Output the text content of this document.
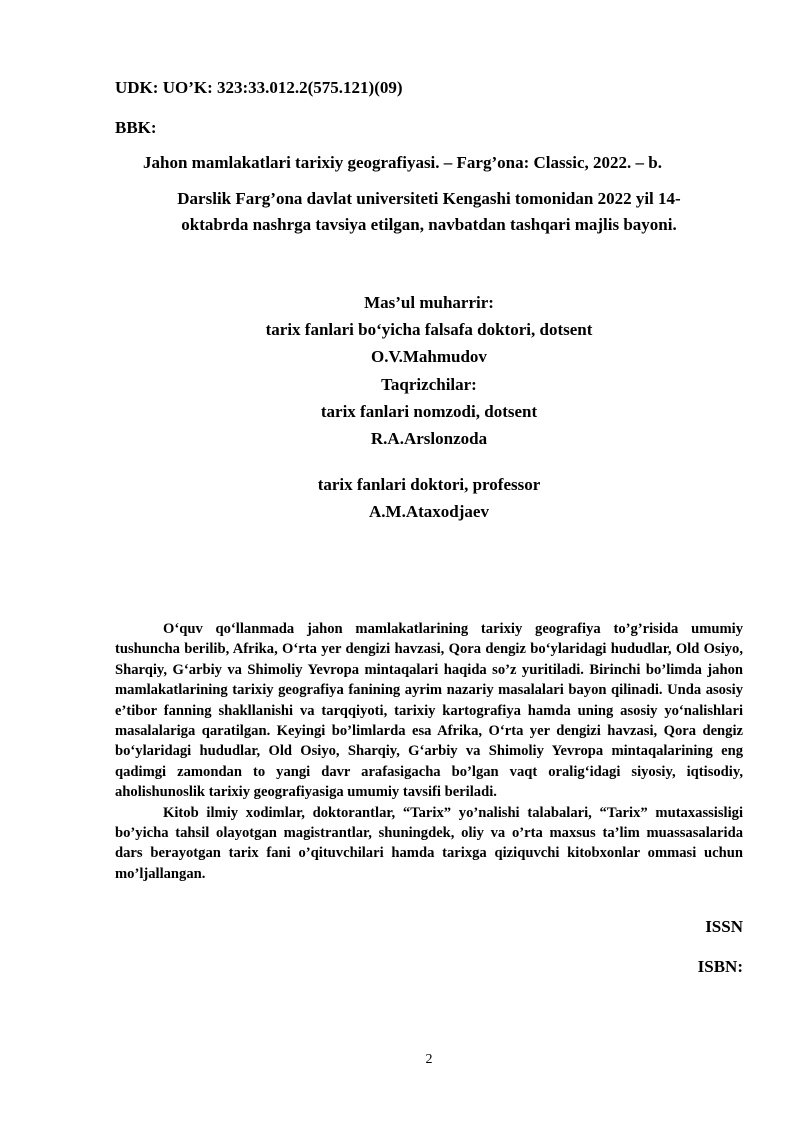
UDK: UO’K: 323:33.012.2(575.121)(09)
BBK:
Jahon mamlakatlari tarixiy geografiyasi. – Farg’ona: Classic, 2022. – b.
Darslik Farg’ona davlat universiteti Kengashi tomonidan 2022 yil 14-
oktabrda nashrga tavsiya etilgan, navbatdan tashqari majlis bayoni.
Mas’ul muharrir:
tarix fanlari bo‘yicha falsafa doktori, dotsent
O.V.Mahmudov
Taqrizchilar:
tarix fanlari nomzodi, dotsent
R.A.Arslonzoda
tarix fanlari doktori, professor
A.M.Ataxodjaev

O‘quv qo‘llanmada jahon mamlakatlarining tarixiy geografiya to’g’risida umumiy tushuncha berilib, Afrika, O‘rta yer dengizi havzasi, Qora dengiz bo‘ylaridagi hududlar, Old Osiyo, Sharqiy, G‘arbiy va Shimoliy Yevropa mintaqalari haqida so’z yuritiladi. Birinchi bo’limda jahon mamlakatlarining tarixiy geografiya fanining ayrim nazariy masalalari bayon qilinadi. Unda asosiy e’tibor fanning shakllanishi va tarqqiyoti, tarixiy kartografiya hamda uning asosiy yo‘nalishlari masalalariga qaratilgan. Keyingi bo’limlarda esa Afrika, O‘rta yer dengizi havzasi, Qora dengiz bo‘ylaridagi hududlar, Old Osiyo, Sharqiy, G‘arbiy va Shimoliy Yevropa mintaqalarining eng qadimgi zamondan to yangi davr arafasigacha bo’lgan vaqt oralig‘idagi siyosiy, iqtisodiy, aholishunoslik tarixiy geografiyasiga umumiy tavsifi beriladi.

Kitob ilmiy xodimlar, doktorantlar, “Tarix” yo’nalishi talabalari, “Tarix” mutaxassisligi bo’yicha tahsil olayotgan magistrantlar, shuningdek, oliy va o’rta maxsus ta’lim muassasalarida dars berayotgan tarix fani o’qituvchilari hamda tarixga qiziquvchi kitobxonlar ommasi uchun mo’ljallangan.

ISSN
ISBN:
2
